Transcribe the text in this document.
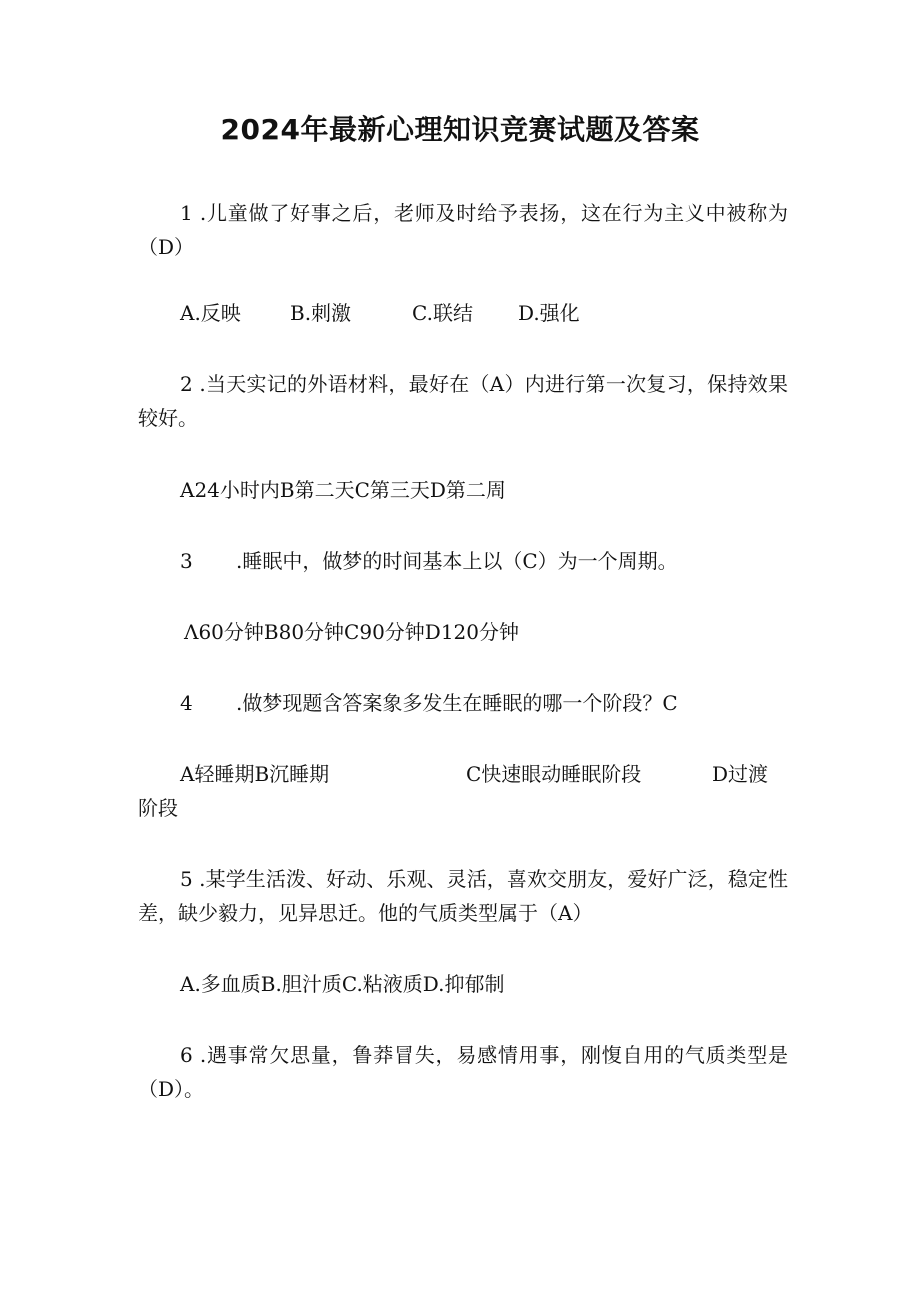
2024年最新心理知识竞赛试题及答案
1 .儿童做了好事之后，老师及时给予表扬，这在行为主义中被称为（D）
A.反映 B.刺激	C.联结 D.强化
2 .当天实记的外语材料，最好在（A）内进行第一次复习，保持效果较好。
A24小时内B第二天C第三天D第二周
3 .睡眠中，做梦的时间基本上以（C）为一个周期。
Λ60分钟B80分钟C90分钟D120分钟
4 .做梦现题含答案象多发生在睡眠的哪一个阶段？C
A轻睡期B沉睡期	C快速眼动睡眠阶段	D过渡
阶段
5 .某学生活泼、好动、乐观、灵活，喜欢交朋友，爱好广泛，稳定性差，缺少毅力，见异思迁。他的气质类型属于（A）
A.多血质B.胆汁质C.粘液质D.抑郁制
6 .遇事常欠思量，鲁莽冒失，易感情用事，刚愎自用的气质类型是（D）。
